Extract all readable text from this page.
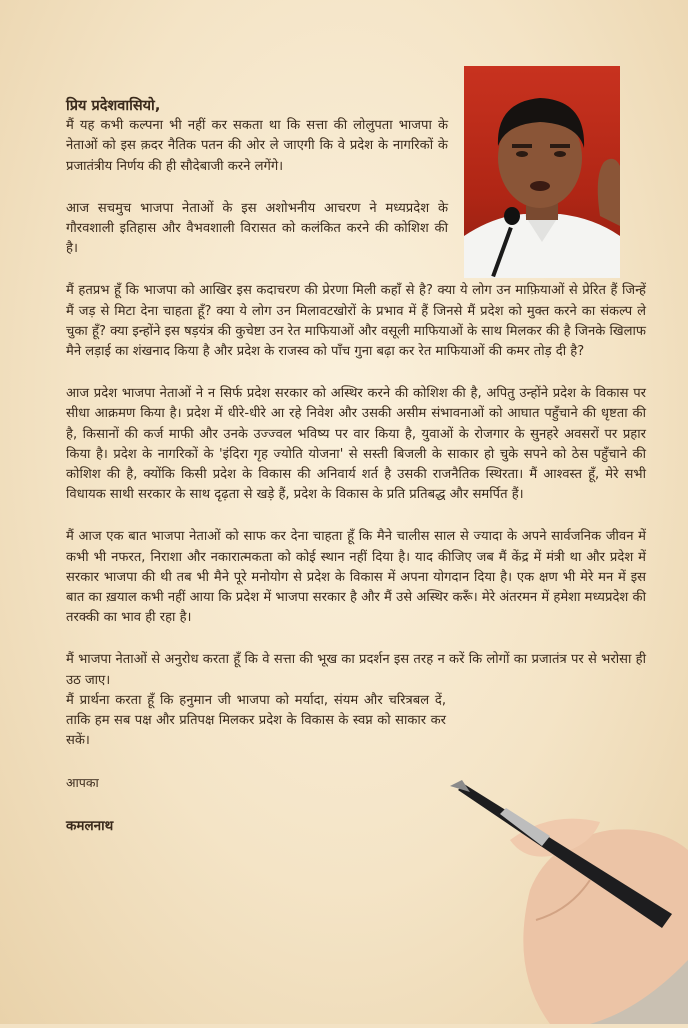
प्रिय प्रदेशवासियो,

मैं यह कभी कल्पना भी नहीं कर सकता था कि सत्ता की लोलुपता भाजपा के नेताओं को इस क़दर नैतिक पतन की ओर ले जाएगी कि वे प्रदेश के नागरिकों के प्रजातंत्रीय निर्णय की ही सौदेबाजी करने लगेंगे।

आज सचमुच भाजपा नेताओं के इस अशोभनीय आचरण ने मध्यप्रदेश के गौरवशाली इतिहास और वैभवशाली विरासत को कलंकित करने की कोशिश की है।

मैं हतप्रभ हूँ कि भाजपा को आखिर इस कदाचरण की प्रेरणा मिली कहाँ से है? क्या ये लोग उन माफ़ियाओं से प्रेरित हैं जिन्हें मैं जड़ से मिटा देना चाहता हूँ? क्या ये लोग उन मिलावटखोरों के प्रभाव में हैं जिनसे मैं प्रदेश को मुक्त करने का संकल्प ले चुका हूँ? क्या इन्होंने इस षड़यंत्र की कुचेष्टा उन रेत माफियाओं और वसूली माफियाओं के साथ मिलकर की है जिनके खिलाफ मैने लड़ाई का शंखनाद किया है और प्रदेश के राजस्व को पाँच गुना बढ़ा कर रेत माफियाओं की कमर तोड़ दी है?

आज प्रदेश भाजपा नेताओं ने न सिर्फ प्रदेश सरकार को अस्थिर करने की कोशिश की है, अपितु उन्होंने प्रदेश के विकास पर सीधा आक्रमण किया है। प्रदेश में धीरे-धीरे आ रहे निवेश और उसकी असीम संभावनाओं को आघात पहुँचाने की धृष्टता की है, किसानों की कर्ज माफी और उनके उज्ज्वल भविष्य पर वार किया है, युवाओं के रोजगार के सुनहरे अवसरों पर प्रहार किया है। प्रदेश के नागरिकों के 'इंदिरा गृह ज्योति योजना' से सस्ती बिजली के साकार हो चुके सपने को ठेस पहुँचाने की कोशिश की है, क्योंकि किसी प्रदेश के विकास की अनिवार्य शर्त है उसकी राजनैतिक स्थिरता। मैं आश्वस्त हूँ, मेरे सभी विधायक साथी सरकार के साथ दृढ़ता से खड़े हैं, प्रदेश के विकास के प्रति प्रतिबद्ध और समर्पित हैं।

मैं आज एक बात भाजपा नेताओं को साफ कर देना चाहता हूँ कि मैने चालीस साल से ज्यादा के अपने सार्वजनिक जीवन में कभी भी नफरत, निराशा और नकारात्मकता को कोई स्थान नहीं दिया है। याद कीजिए जब मैं केंद्र में मंत्री था और प्रदेश में सरकार भाजपा की थी तब भी मैने पूरे मनोयोग से प्रदेश के विकास में अपना योगदान दिया है। एक क्षण भी मेरे मन में इस बात का ख़याल कभी नहीं आया कि प्रदेश में भाजपा सरकार है और मैं उसे अस्थिर करूँ। मेरे अंतरमन में हमेशा मध्यप्रदेश की तरक्की का भाव ही रहा है।

मैं भाजपा नेताओं से अनुरोध करता हूँ कि वे सत्ता की भूख का प्रदर्शन इस तरह न करें कि लोगों का प्रजातंत्र पर से भरोसा ही उठ जाए।

मैं प्रार्थना करता हूँ कि हनुमान जी भाजपा को मर्यादा, संयम और चरित्रबल दें, ताकि हम सब पक्ष और प्रतिपक्ष मिलकर प्रदेश के विकास के स्वप्न को साकार कर सकें।

आपका
कमलनाथ
